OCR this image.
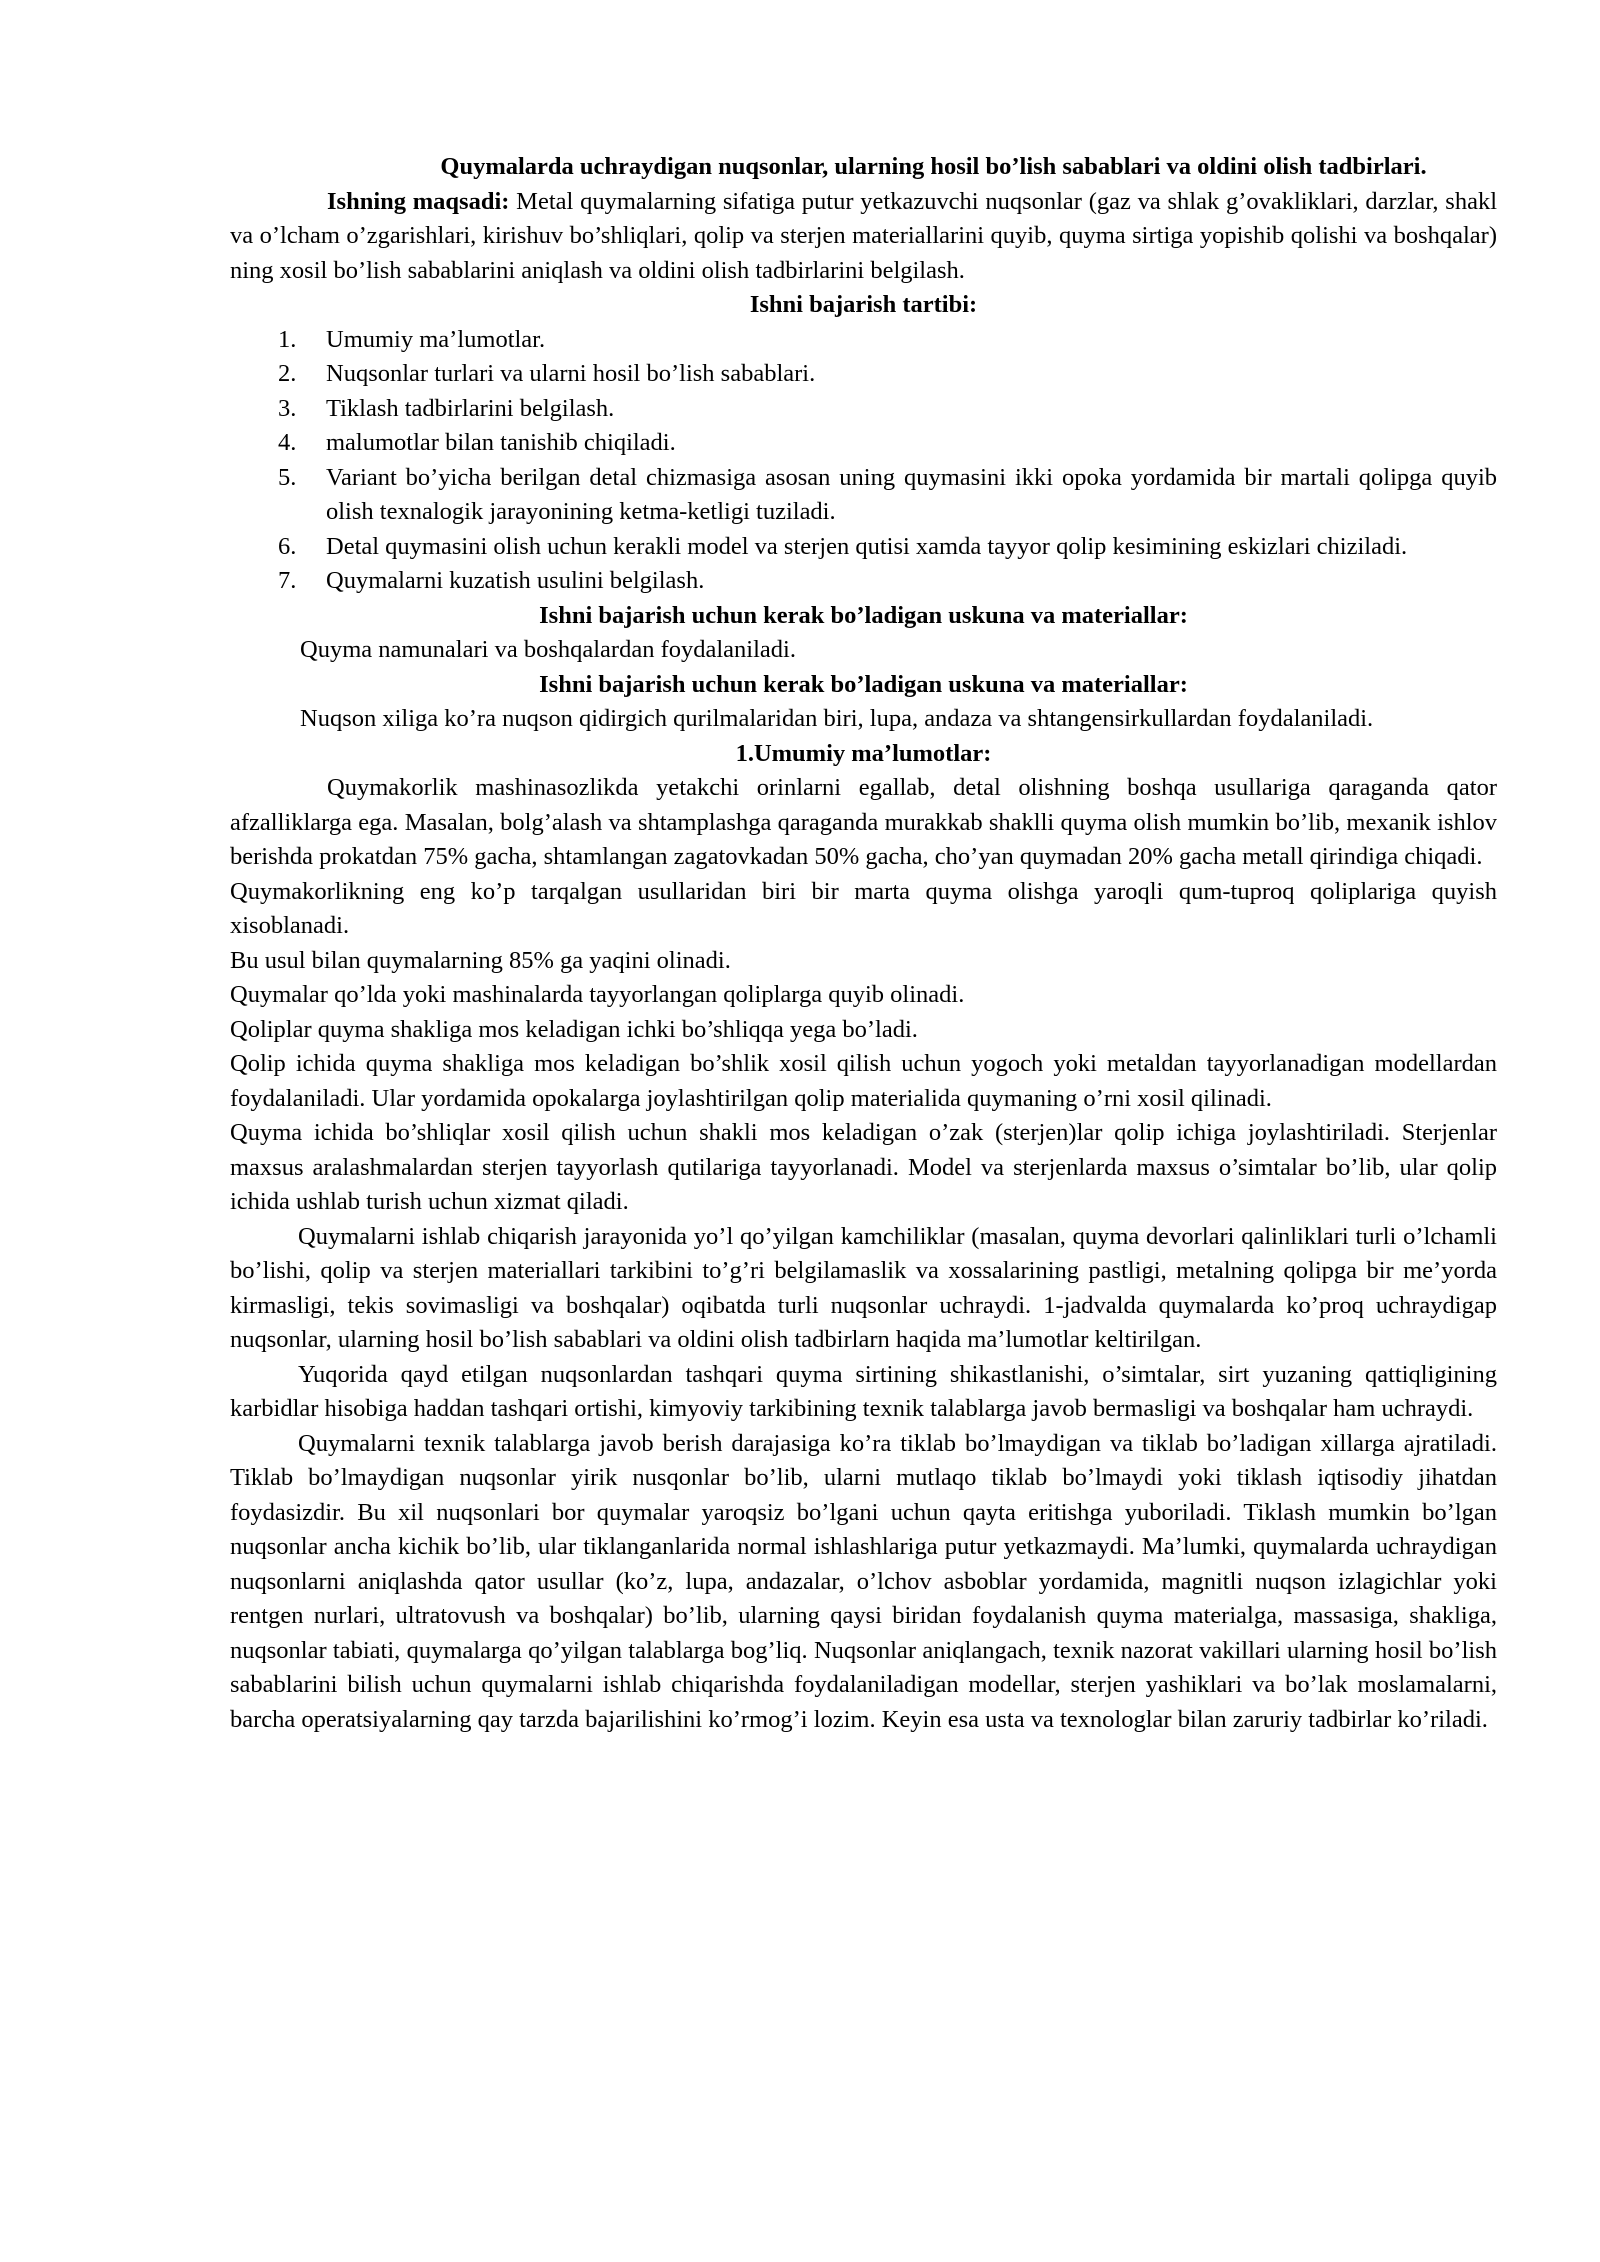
Quymalarda uchraydigan nuqsonlar, ularning hosil bo’lish sabablari va oldini olish tadbirlari.

Ishning maqsadi: Metal quymalarning sifatiga putur yetkazuvchi nuqsonlar (gaz va shlak g’ovakliklari, darzlar, shakl va o’lcham o’zgarishlari, kirishuv bo’shliqlari, qolip va sterjen materiallarini quyib, quyma sirtiga yopishib qolishi va boshqalar) ning xosil bo’lish sabablarini aniqlash va oldini olish tadbirlarini belgilash.

Ishni bajarish tartibi:

1.	Umumiy ma’lumotlar.
2.	Nuqsonlar turlari va ularni hosil bo’lish sabablari.
3.	Tiklash tadbirlarini belgilash.
4.	malumotlar bilan tanishib chiqiladi.
5.	Variant bo’yicha berilgan detal chizmasiga asosan uning quymasini ikki opoka yordamida bir martali qolipga quyib olish texnalogik jarayonining ketma-ketligi tuziladi.
6.	Detal quymasini olish uchun kerakli model va sterjen qutisi xamda tayyor qolip kesimining eskizlari chiziladi.
7.	Quymalarni kuzatish usulini belgilash.

Ishni bajarish uchun kerak bo’ladigan uskuna va materiallar:

Quyma namunalari va boshqalardan foydalaniladi.

Ishni bajarish uchun kerak bo’ladigan uskuna va materiallar:

Nuqson xiliga ko’ra nuqson qidirgich qurilmalaridan biri, lupa, andaza va shtangensirkullardan foydalaniladi.

1.Umumiy ma’lumotlar:

Quymakorlik mashinasozlikda yetakchi orinlarni egallab, detal olishning boshqa usullariga qaraganda qator afzalliklarga ega. Masalan, bolg’alash va shtamplashga qaraganda murakkab shaklli quyma olish mumkin bo’lib, mexanik ishlov berishda prokatdan 75% gacha, shtamlangan zagatovkadan 50% gacha, cho’yan quymadan 20% gacha metall qirindiga chiqadi.

Quymakorlikning eng ko’p tarqalgan usullaridan biri bir marta quyma olishga yaroqli qum-tuproq qoliplariga quyish xisoblanadi.

Bu usul bilan quymalarning 85% ga yaqini olinadi.

Quymalar qo’lda yoki mashinalarda tayyorlangan qoliplarga quyib olinadi.

Qoliplar quyma shakliga mos keladigan ichki bo’shliqqa yega bo’ladi.

Qolip ichida quyma shakliga mos keladigan bo’shlik xosil qilish uchun yogoch yoki metaldan tayyorlanadigan modellardan foydalaniladi. Ular yordamida opokalarga joylashtirilgan qolip materialida quymaning o’rni xosil qilinadi.

Quyma ichida bo’shliqlar xosil qilish uchun shakli mos keladigan o’zak (sterjen)lar qolip ichiga joylashtiriladi. Sterjenlar maxsus aralashmalardan sterjen tayyorlash qutilariga tayyorlanadi. Model va sterjenlarda maxsus o’simtalar bo’lib, ular qolip ichida ushlab turish uchun xizmat qiladi.

Quymalarni ishlab chiqarish jarayonida yo’l qo’yilgan kamchiliklar (masalan, quyma devorlari qalinliklari turli o’lchamli bo’lishi, qolip va sterjen materiallari tarkibini to’g’ri belgilamaslik va xossalarining pastligi, metalning qolipga bir me’yorda kirmasligi, tekis sovimasligi va boshqalar) oqibatda turli nuqsonlar uchraydi. 1-jadvalda quymalarda ko’proq uchraydigap nuqsonlar, ularning hosil bo’lish sabablari va oldini olish tadbirlarn haqida ma’lumotlar keltirilgan.

Yuqorida qayd etilgan nuqsonlardan tashqari quyma sirtining shikastlanishi, o’simtalar, sirt yuzaning qattiqligining karbidlar hisobiga haddan tashqari ortishi, kimyoviy tarkibining texnik talablarga javob bermasligi va boshqalar ham uchraydi.

Quymalarni texnik talablarga javob berish darajasiga ko’ra tiklab bo’lmaydigan va tiklab bo’ladigan xillarga ajratiladi. Tiklab bo’lmaydigan nuqsonlar yirik nusqonlar bo’lib, ularni mutlaqo tiklab bo’lmaydi yoki tiklash iqtisodiy jihatdan foydasizdir. Bu xil nuqsonlari bor quymalar yaroqsiz bo’lgani uchun qayta eritishga yuboriladi. Tiklash mumkin bo’lgan nuqsonlar ancha kichik bo’lib, ular tiklanganlarida normal ishlashlariga putur yetkazmaydi. Ma’lumki, quymalarda uchraydigan nuqsonlarni aniqlashda qator usullar (ko’z, lupa, andazalar, o’lchov asboblar yordamida, magnitli nuqson izlagichlar yoki rentgen nurlari, ultratovush va boshqalar) bo’lib, ularning qaysi biridan foydalanish quyma materialga, massasiga, shakliga, nuqsonlar tabiati, quymalarga qo’yilgan talablarga bog’liq. Nuqsonlar aniqlangach, texnik nazorat vakillari ularning hosil bo’lish sabablarini bilish uchun quymalarni ishlab chiqarishda foydalaniladigan modellar, sterjen yashiklari va bo’lak moslamalarni, barcha operatsiyalarning qay tarzda bajarilishini ko’rmog’i lozim. Keyin esa usta va texnologlar bilan zaruriy tadbirlar ko’riladi.
